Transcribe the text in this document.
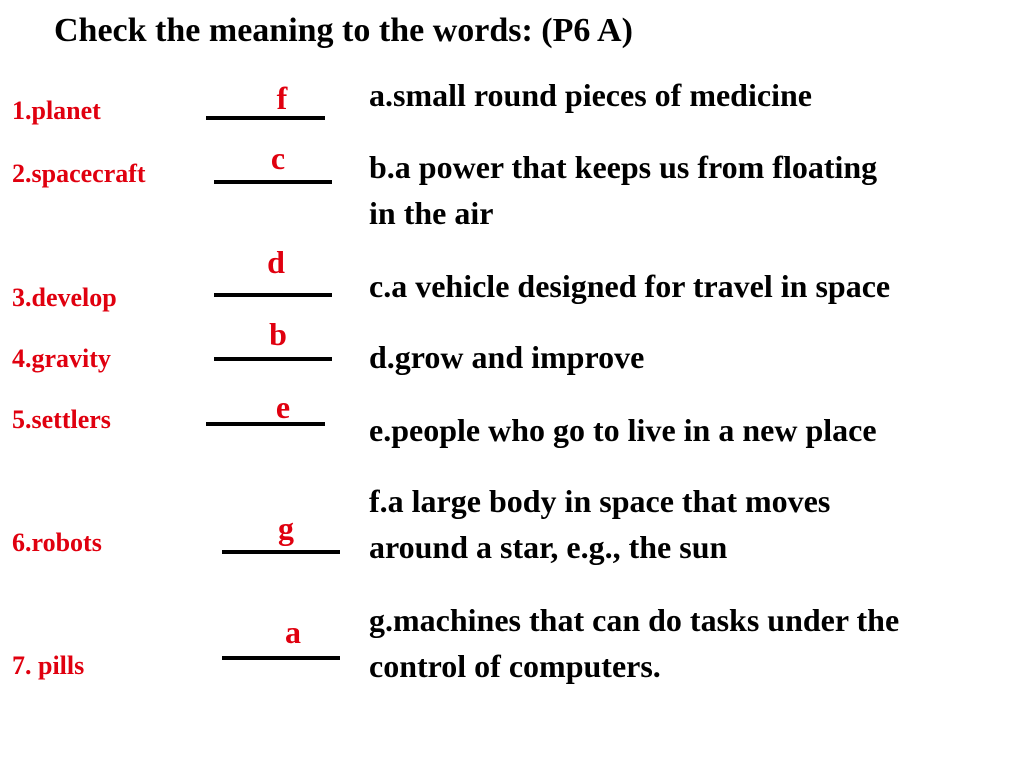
Check the meaning to the words: (P6 A)
1.planet
2.spacecraft
3.develop
4.gravity
5.settlers
6.robots
7. pills
f
c
d
b
e
g
a
a.small round pieces of medicine
b.a power that keeps us from floating
in the air
c.a vehicle designed for travel in space
d.grow and improve
e.people who go to live in a new place
f.a large body in space that moves
around a star, e.g., the sun
g.machines that can do tasks under the
control of computers.
